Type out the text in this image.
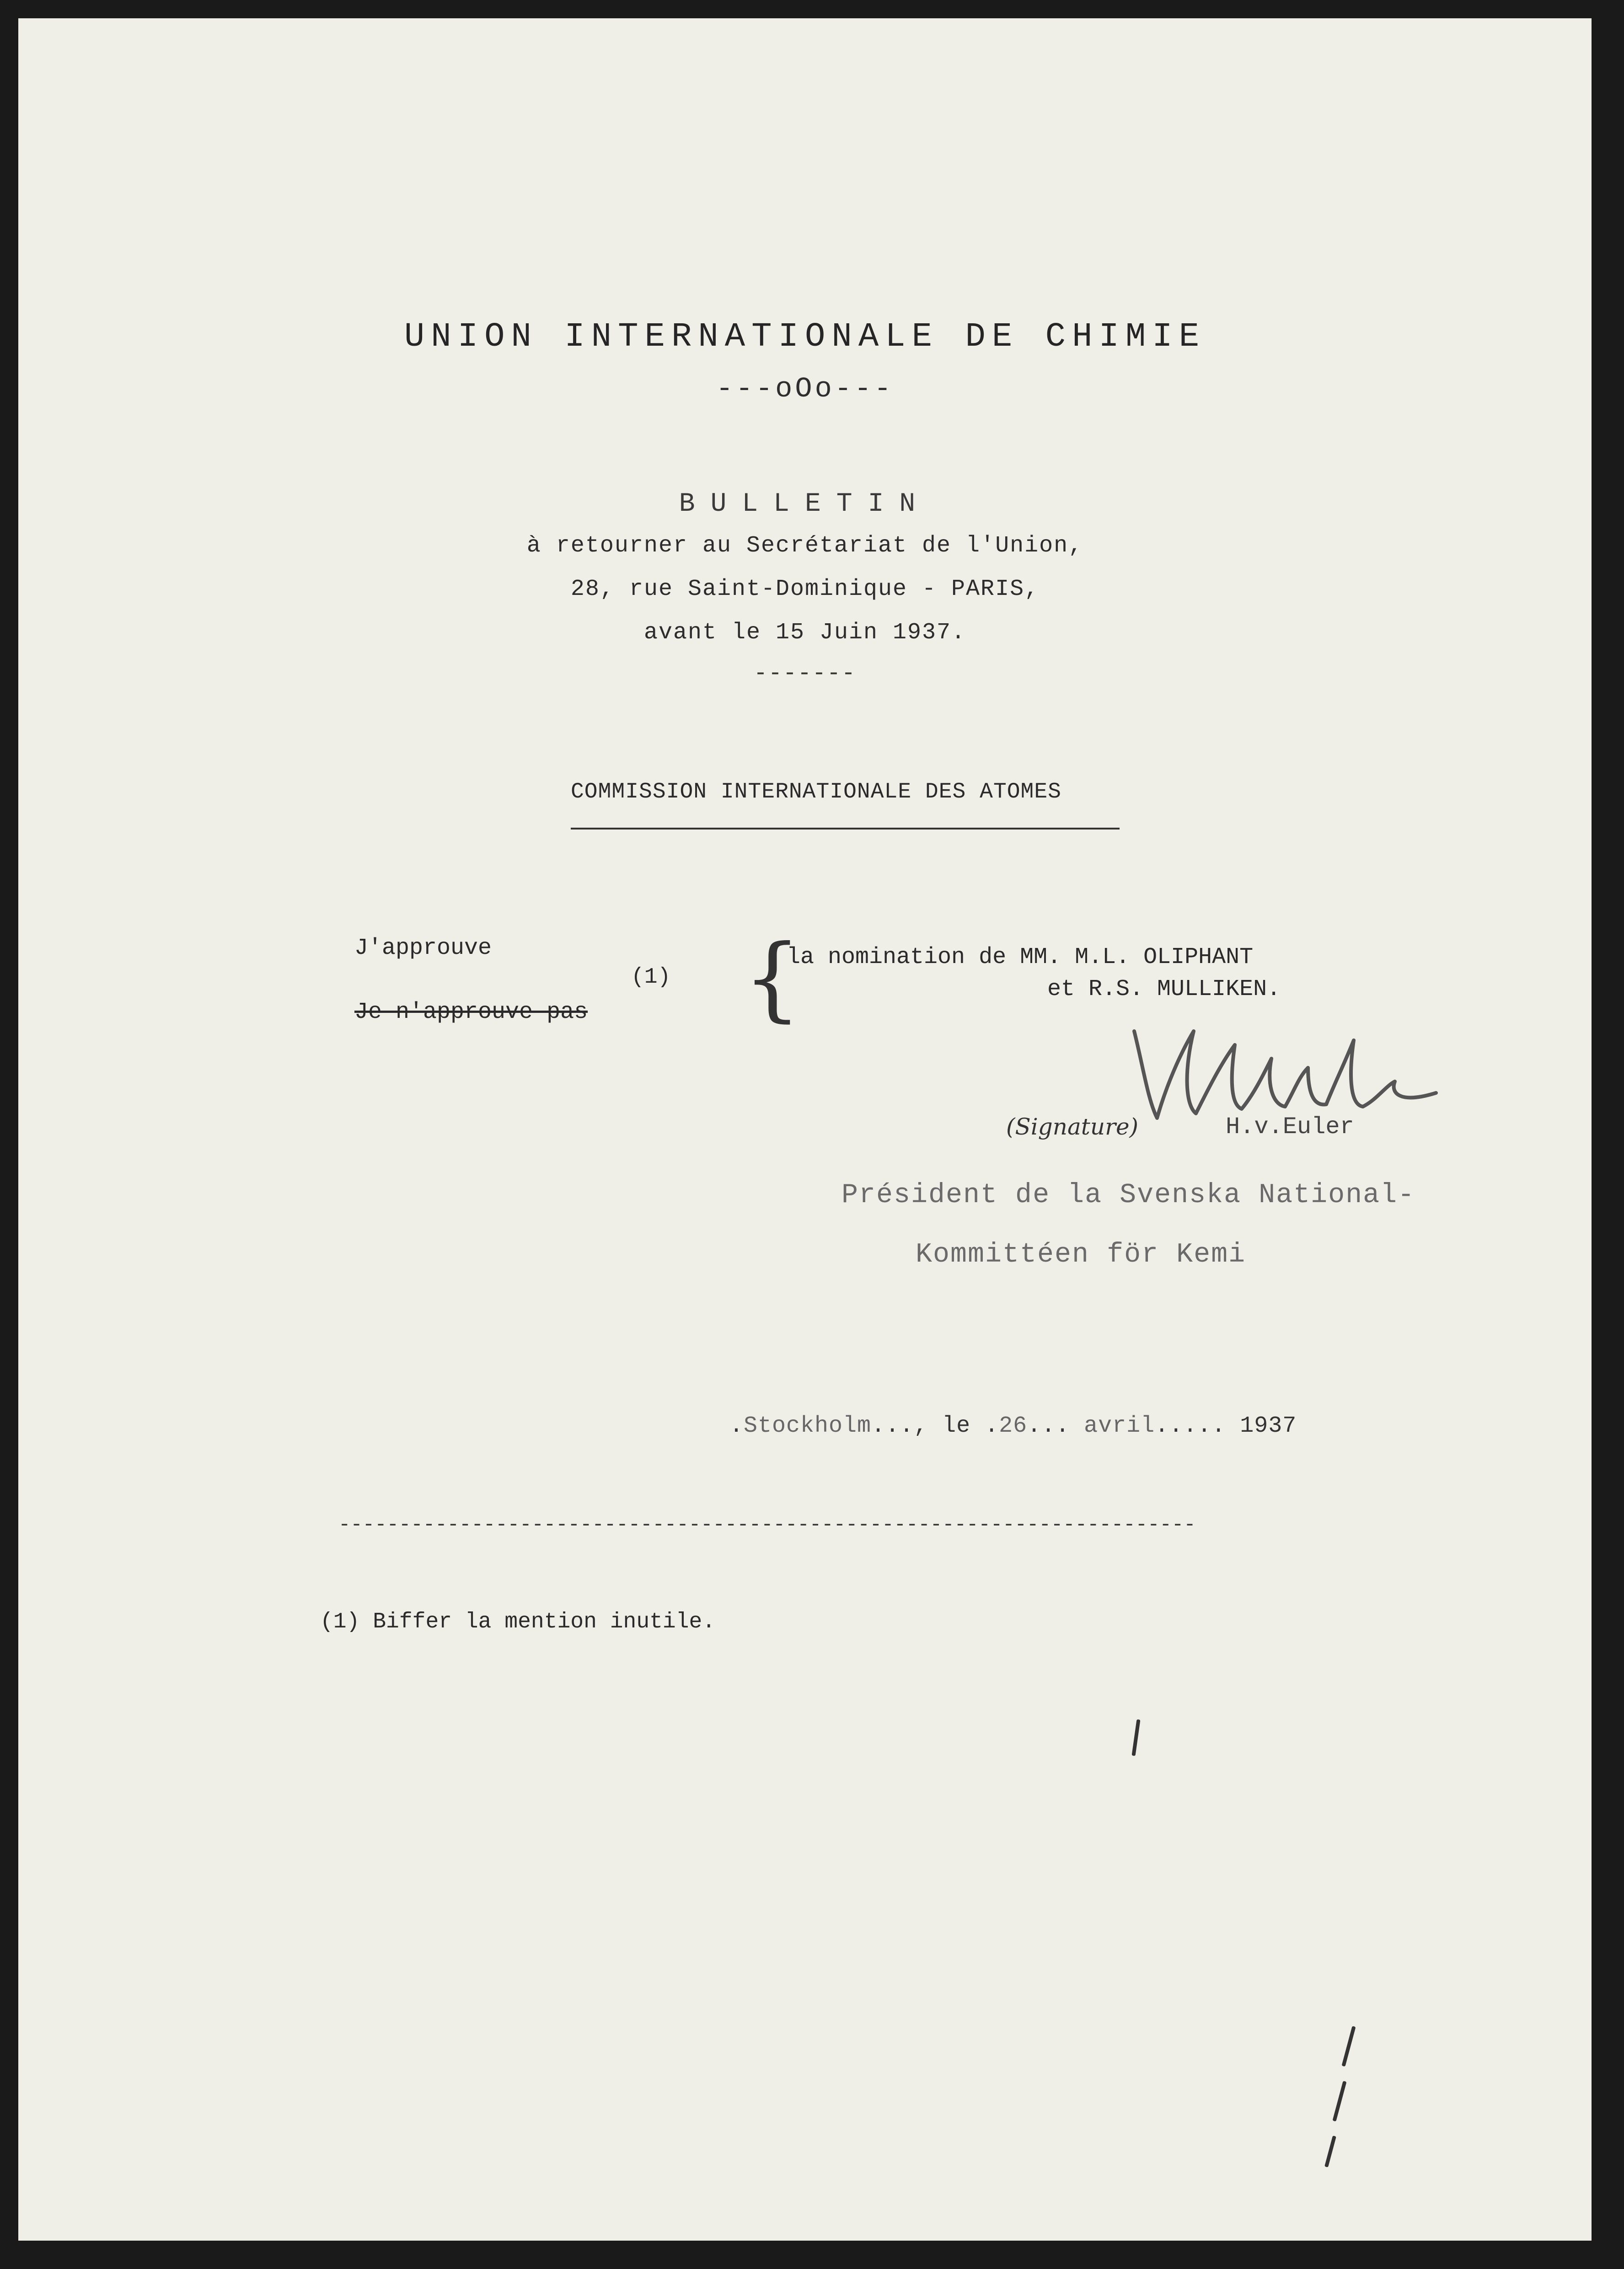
UNION INTERNATIONALE DE CHIMIE
---oOo---
BULLETIN
à retourner au Secrétariat de l'Union,
28, rue Saint-Dominique - PARIS,
avant le 15 Juin 1937.
-------
COMMISSION INTERNATIONALE DES ATOMES
J'approuve
(1)
Je n'approuve pas {
la nomination de MM. M.L. OLIPHANT
et R.S. MULLIKEN.
(Signature)	H.v.Euler
Président de la Svenska National-
Kommittéen för Kemi
.Stockholm..., le .26... avril..... 1937
-----------------------------------------------------------------------
(1) Biffer la mention inutile.
